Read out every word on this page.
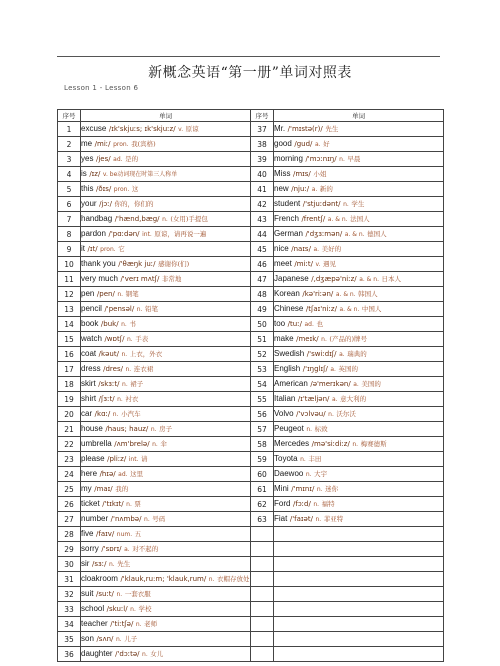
新概念英语“第一册”单词对照表
Lesson 1 - Lesson 6
序号	单词	序号	单词
1	excuse /ɪk'skjuːs; ɪk'skjuːz/ v. 原谅	37	Mr. /'mɪstə(r)/ 先生
2	me /miː/ pron. 我(宾格)	38	good /gud/ a. 好
3	yes /jes/ ad. 是的	39	morning /'mɔːnɪŋ/ n. 早晨
4	is /ɪz/ v. be动词现在时第三人称单	40	Miss /mɪs/ 小姐
5	this /ðɪs/ pron. 这	41	new /njuː/ a. 新的
6	your /jɔː/ 你的，你们的	42	student /'stjuːdənt/ n. 学生
7	handbag /'hænd,bæg/ n. (女用)手提包	43	French /frentʃ/ a. & n. 法国人
8	pardon /'pɑːdən/ int. 原谅，请再说一遍	44	German /'dʒɜːmən/ a. & n. 德国人
9	it /ɪt/ pron. 它	45	nice /naɪs/ a. 美好的
10	thank you /'θæŋk juː/ 感谢你(们)	46	meet /miːt/ v. 遇见
11	very much /'verɪ mʌtʃ/ 非常地	47	Japanese /,dʒæpə'niːz/ a. & n. 日本人
12	pen /pen/ n. 钢笔	48	Korean /kə'riːən/ a. & n. 韩国人
13	pencil /'pensəl/ n. 铅笔	49	Chinese /tʃaɪ'niːz/ a. & n. 中国人
14	book /buk/ n. 书	50	too /tuː/ ad. 也
15	watch /wɒtʃ/ n. 手表	51	make /meɪk/ n. (产品的)牌号
16	coat /kəut/ n. 上衣，外衣	52	Swedish /'swiːdɪʃ/ a. 瑞典的
17	dress /dres/ n. 连衣裙	53	English /'ɪŋglɪʃ/ a. 英国的
18	skirt /skɜːt/ n. 裙子	54	American /ə'merɪkən/ a. 美国的
19	shirt /ʃɜːt/ n. 衬衣	55	Italian /ɪ'tæljən/ a. 意大利的
20	car /kɑː/ n. 小汽车	56	Volvo /'vɔlvəu/ n. 沃尔沃
21	house /haus; hauz/ n. 房子	57	Peugeot n. 标致
22	umbrella /ʌm'brelə/ n. 伞	58	Mercedes /mə'siːdiːz/ n. 梅赛德斯
23	please /pliːz/ int. 请	59	Toyota n. 丰田
24	here /hɪə/ ad. 这里	60	Daewoo n. 大宇
25	my /maɪ/ 我的	61	Mini /'mɪnɪ/ n. 迷你
26	ticket /'tɪkɪt/ n. 票	62	Ford /fɔːd/ n. 福特
27	number /'nʌmbə/ n. 号码	63	Fiat /'faɪət/ n. 菲亚特
28	five /faɪv/ num. 五		
29	sorry /'sɒrɪ/ a. 对不起的		
30	sir /sɜː/ n. 先生		
31	cloakroom /'klauk,ru:m; 'klauk,rum/ n. 衣帽存放处		
32	suit /suːt/ n. 一套衣服		
33	school /skuːl/ n. 学校		
34	teacher /'tiːtʃə/ n. 老师		
35	son /sʌn/ n. 儿子		
36	daughter /'dɔːtə/ n. 女儿		
